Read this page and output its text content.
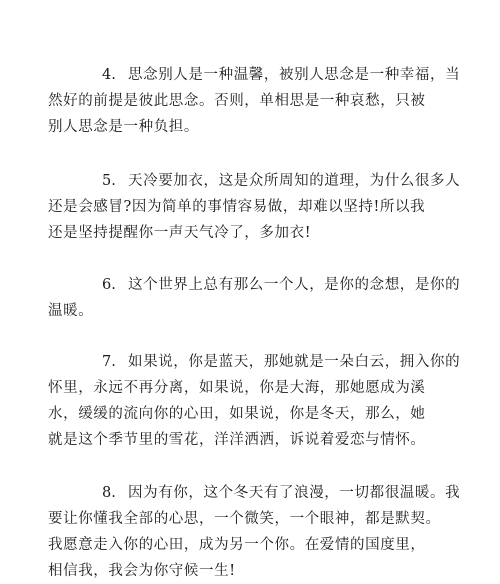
4. 思念别人是一种温馨，被别人思念是一种幸福，当
然好的前提是彼此思念。否则，单相思是一种哀愁，只被
别人思念是一种负担。

5. 天冷要加衣，这是众所周知的道理，为什么很多人
还是会感冒?因为简单的事情容易做，却难以坚持!所以我
还是坚持提醒你一声天气冷了，多加衣!

6. 这个世界上总有那么一个人，是你的念想，是你的
温暖。

7. 如果说，你是蓝天，那她就是一朵白云，拥入你的
怀里，永远不再分离，如果说，你是大海，那她愿成为溪
水，缓缓的流向你的心田，如果说，你是冬天，那么，她
就是这个季节里的雪花，洋洋洒洒，诉说着爱恋与情怀。

8. 因为有你，这个冬天有了浪漫，一切都很温暖。我
要让你懂我全部的心思，一个微笑，一个眼神，都是默契。
我愿意走入你的心田，成为另一个你。在爱情的国度里，
相信我，我会为你守候一生!
